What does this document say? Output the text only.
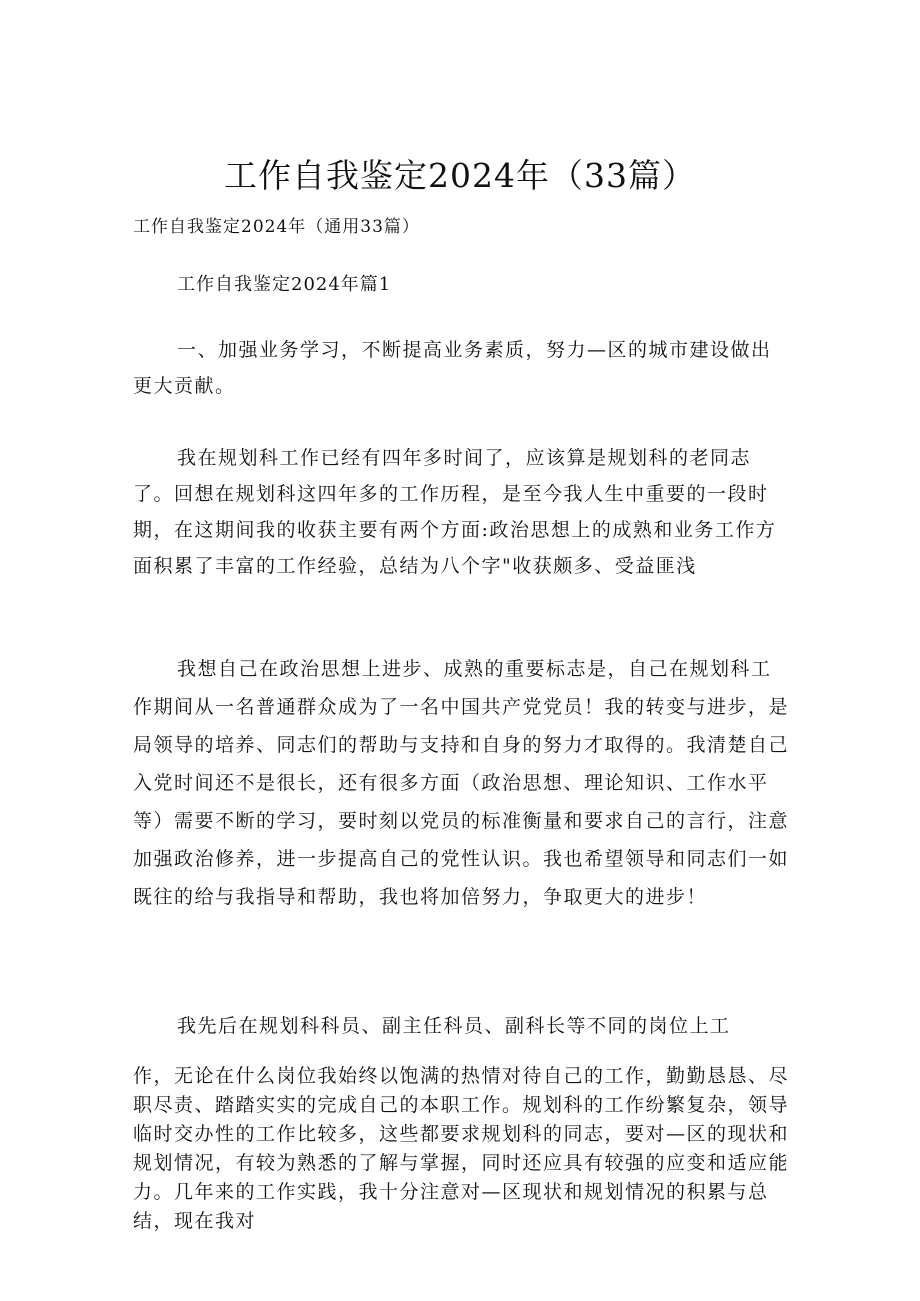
工作自我鉴定2024年（33篇）

工作自我鉴定2024年（通用33篇）

工作自我鉴定2024年篇1

一、加强业务学习，不断提高业务素质，努力—区的城市建设做出更大贡献。

我在规划科工作已经有四年多时间了，应该算是规划科的老同志了。回想在规划科这四年多的工作历程，是至今我人生中重要的一段时期，在这期间我的收获主要有两个方面:政治思想上的成熟和业务工作方面积累了丰富的工作经验，总结为八个字"收获颇多、受益匪浅

我想自己在政治思想上进步、成熟的重要标志是，自己在规划科工作期间从一名普通群众成为了一名中国共产党党员！我的转变与进步，是局领导的培养、同志们的帮助与支持和自身的努力才取得的。我清楚自己入党时间还不是很长，还有很多方面（政治思想、理论知识、工作水平等）需要不断的学习，要时刻以党员的标准衡量和要求自己的言行，注意加强政治修养，进一步提高自己的党性认识。我也希望领导和同志们一如既往的给与我指导和帮助，我也将加倍努力，争取更大的进步！

我先后在规划科科员、副主任科员、副科长等不同的岗位上工

作，无论在什么岗位我始终以饱满的热情对待自己的工作，勤勤恳恳、尽职尽责、踏踏实实的完成自己的本职工作。规划科的工作纷繁复杂，领导临时交办性的工作比较多，这些都要求规划科的同志，要对—区的现状和规划情况，有较为熟悉的了解与掌握，同时还应具有较强的应变和适应能力。几年来的工作实践，我十分注意对—区现状和规划情况的积累与总结，现在我对
